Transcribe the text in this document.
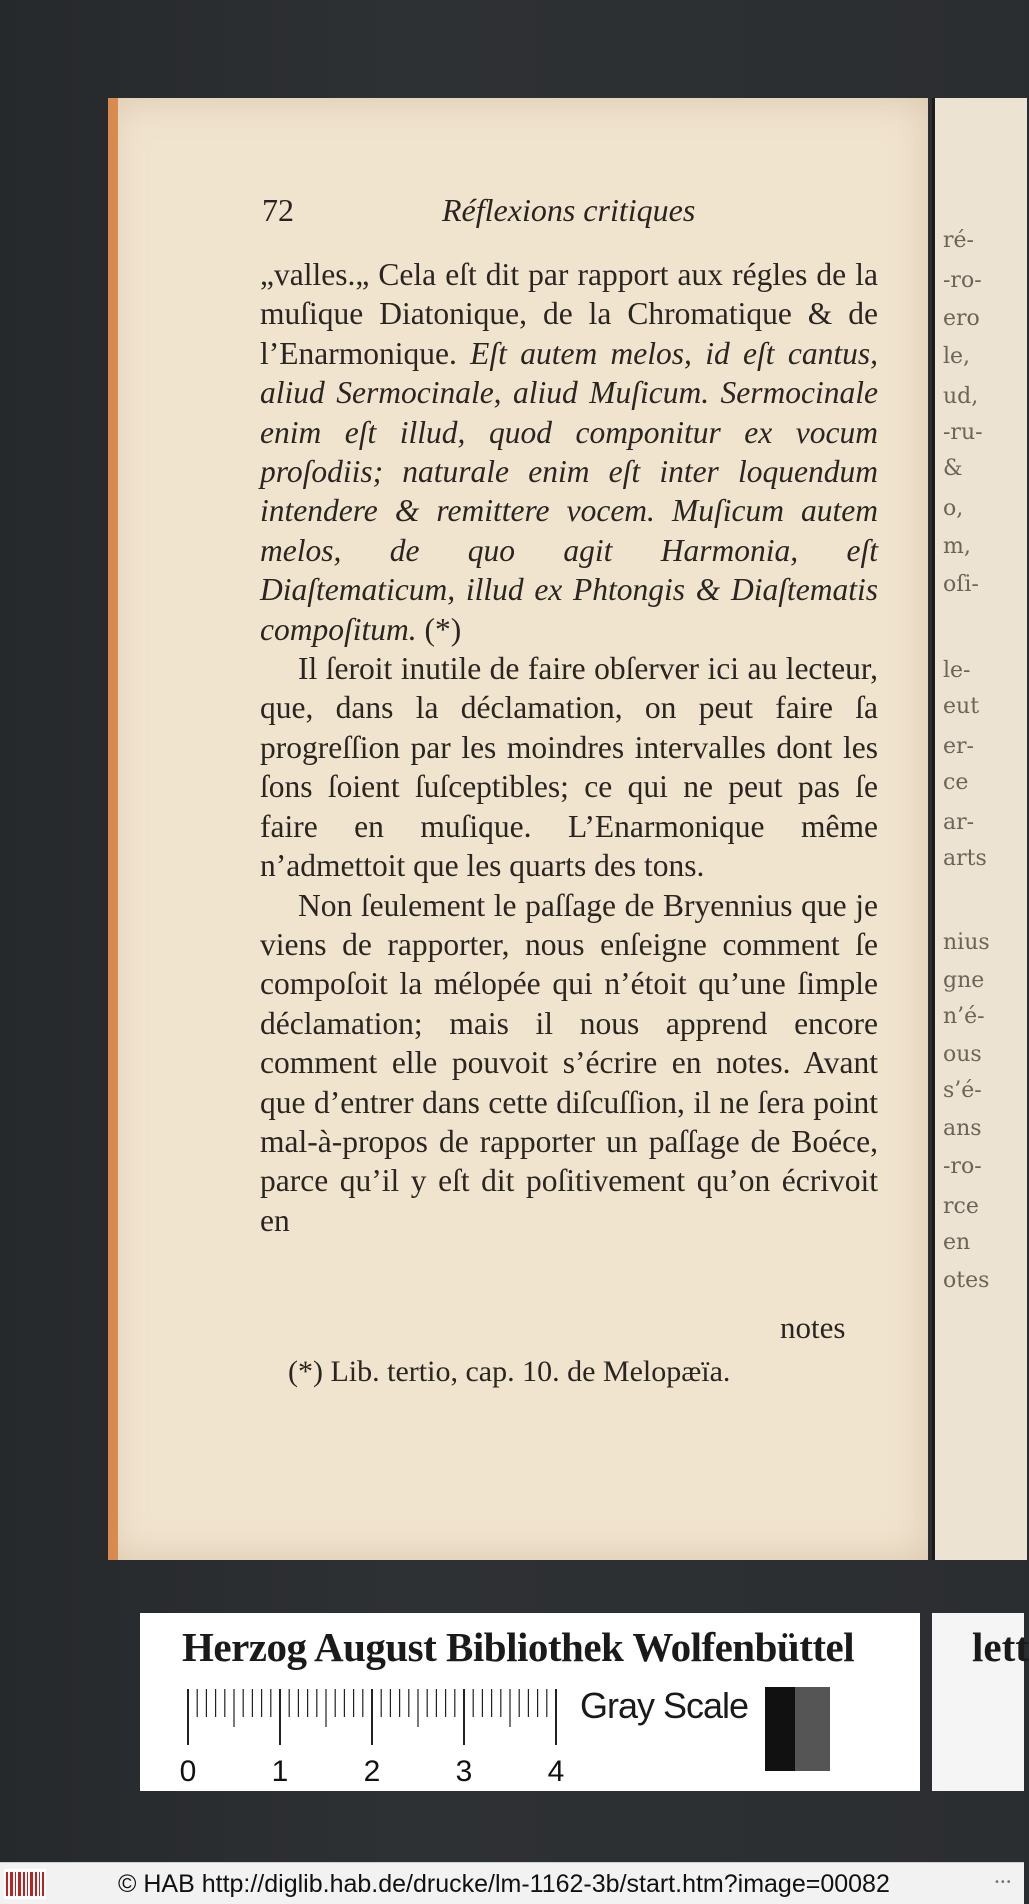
ré-
-ro-
ero
le,
ud,
-ru-
&
o,
m,
oſi-
le-
eut
er-
ce
ar-
arts
nius
gne
n’é-
ous
s’é-
ans
-ro-
rce
en
otes
72	Réflexions critiques

„valles.„ Cela eſt dit par rapport aux régles de la muſique Diatonique, de la Chromatique & de l’Enarmonique. Eſt autem melos, id eſt cantus, aliud Sermocinale, aliud Muſicum. Sermocinale enim eſt illud, quod componitur ex vocum proſodiis; naturale enim eſt inter loquendum intendere & remittere vocem. Muſicum autem melos, de quo agit Harmonia, eſt Diaſtematicum, illud ex Phtongis & Diaſtematis compoſitum. (*)

Il ſeroit inutile de faire obſerver ici au lecteur, que, dans la déclamation, on peut faire ſa progreſſion par les moindres intervalles dont les ſons ſoient ſuſceptibles; ce qui ne peut pas ſe faire en muſique. L’Enarmonique même n’admettoit que les quarts des tons.

Non ſeulement le paſſage de Bryennius que je viens de rapporter, nous enſeigne comment ſe compoſoit la mélopée qui n’étoit qu’une ſimple déclamation; mais il nous apprend encore comment elle pouvoit s’écrire en notes. Avant que d’entrer dans cette diſcuſſion, il ne ſera point mal-à-propos de rapporter un paſſage de Boéce, parce qu’il y eſt dit poſitivement qu’on écrivoit en

notes
(*) Lib. tertio, cap. 10. de Melopæïa.
Herzog August Bibliothek Wolfenbüttel
0	1	2	3	4
Gray Scale
lett
© HAB http://diglib.hab.de/drucke/lm-1162-3b/start.htm?image=00082	•••
